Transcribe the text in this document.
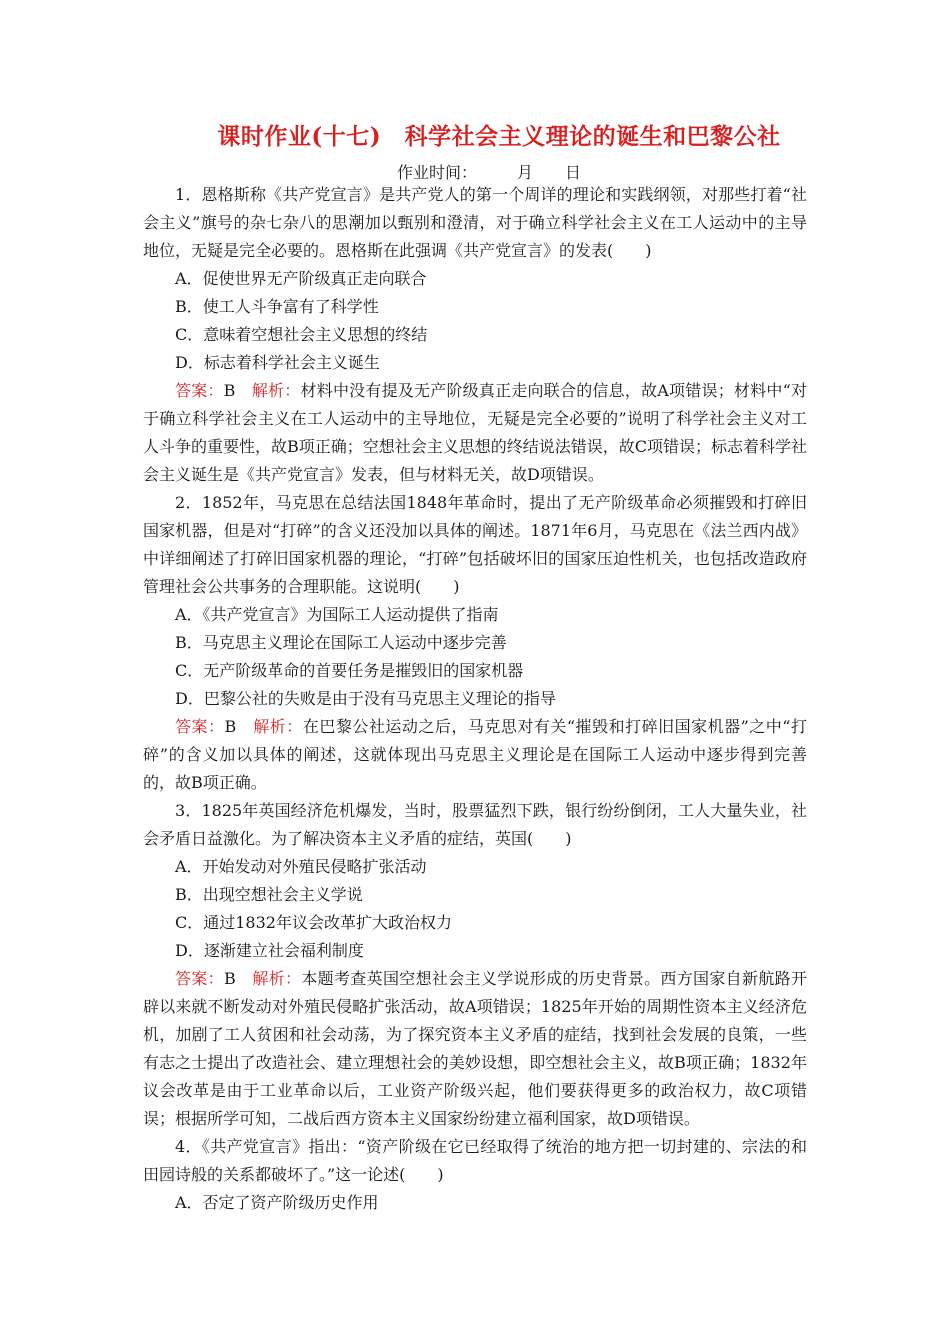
课时作业(十七)　科学社会主义理论的诞生和巴黎公社
作业时间：　　　月　　日

1．恩格斯称《共产党宣言》是共产党人的第一个周详的理论和实践纲领，对那些打着“社会主义”旗号的杂七杂八的思潮加以甄别和澄清，对于确立科学社会主义在工人运动中的主导地位，无疑是完全必要的。恩格斯在此强调《共产党宣言》的发表(　　)

A．促使世界无产阶级真正走向联合

B．使工人斗争富有了科学性

C．意味着空想社会主义思想的终结

D．标志着科学社会主义诞生

答案：B　解析：材料中没有提及无产阶级真正走向联合的信息，故A项错误；材料中“对于确立科学社会主义在工人运动中的主导地位，无疑是完全必要的”说明了科学社会主义对工人斗争的重要性，故B项正确；空想社会主义思想的终结说法错误，故C项错误；标志着科学社会主义诞生是《共产党宣言》发表，但与材料无关，故D项错误。

2．1852年，马克思在总结法国1848年革命时，提出了无产阶级革命必须摧毁和打碎旧国家机器，但是对“打碎”的含义还没加以具体的阐述。1871年6月，马克思在《法兰西内战》中详细阐述了打碎旧国家机器的理论，“打碎”包括破坏旧的国家压迫性机关，也包括改造政府管理社会公共事务的合理职能。这说明(　　)

A．《共产党宣言》为国际工人运动提供了指南

B．马克思主义理论在国际工人运动中逐步完善

C．无产阶级革命的首要任务是摧毁旧的国家机器

D．巴黎公社的失败是由于没有马克思主义理论的指导

答案：B　解析：在巴黎公社运动之后，马克思对有关“摧毁和打碎旧国家机器”之中“打碎”的含义加以具体的阐述，这就体现出马克思主义理论是在国际工人运动中逐步得到完善的，故B项正确。

3．1825年英国经济危机爆发，当时，股票猛烈下跌，银行纷纷倒闭，工人大量失业，社会矛盾日益激化。为了解决资本主义矛盾的症结，英国(　　)

A．开始发动对外殖民侵略扩张活动

B．出现空想社会主义学说

C．通过1832年议会改革扩大政治权力

D．逐渐建立社会福利制度

答案：B　解析：本题考查英国空想社会主义学说形成的历史背景。西方国家自新航路开辟以来就不断发动对外殖民侵略扩张活动，故A项错误；1825年开始的周期性资本主义经济危机，加剧了工人贫困和社会动荡，为了探究资本主义矛盾的症结，找到社会发展的良策，一些有志之士提出了改造社会、建立理想社会的美妙设想，即空想社会主义，故B项正确；1832年议会改革是由于工业革命以后，工业资产阶级兴起，他们要获得更多的政治权力，故C项错误；根据所学可知，二战后西方资本主义国家纷纷建立福利国家，故D项错误。

4．《共产党宣言》指出：“资产阶级在它已经取得了统治的地方把一切封建的、宗法的和田园诗般的关系都破坏了。”这一论述(　　)

A．否定了资产阶级历史作用
